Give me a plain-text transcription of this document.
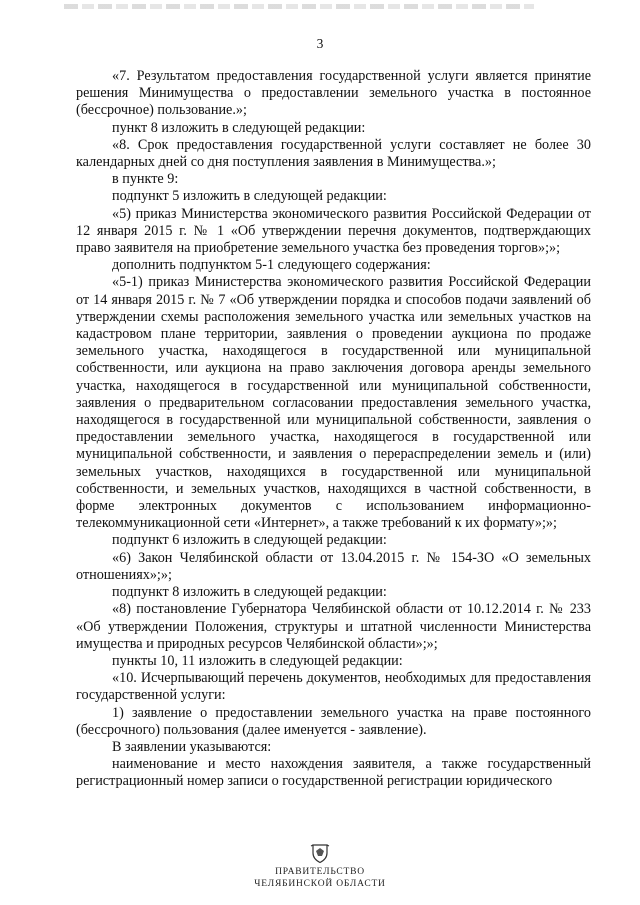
3

«7. Результатом предоставления государственной услуги является принятие решения Минимущества о предоставлении земельного участка в постоянное (бессрочное) пользование.»;

пункт 8 изложить в следующей редакции:

«8. Срок предоставления государственной услуги составляет не более 30 календарных дней со дня поступления заявления в Минимущества.»;

в пункте 9:

подпункт 5 изложить в следующей редакции:

«5) приказ Министерства экономического развития Российской Федерации от 12 января 2015 г. № 1 «Об утверждении перечня документов, подтверждающих право заявителя на приобретение земельного участка без проведения торгов»;»;

дополнить подпунктом 5-1 следующего содержания:

«5-1) приказ Министерства экономического развития Российской Федерации от 14 января 2015 г. № 7 «Об утверждении порядка и способов подачи заявлений об утверждении схемы расположения земельного участка или земельных участков на кадастровом плане территории, заявления о проведении аукциона по продаже земельного участка, находящегося в государственной или муниципальной собственности, или аукциона на право заключения договора аренды земельного участка, находящегося в государственной или муниципальной собственности, заявления о предварительном согласовании предоставления земельного участка, находящегося в государственной или муниципальной собственности, заявления о предоставлении земельного участка, находящегося в государственной или муниципальной собственности, и заявления о перераспределении земель и (или) земельных участков, находящихся в государственной или муниципальной собственности, и земельных участков, находящихся в частной собственности, в форме электронных документов с использованием информационно-телекоммуникационной сети «Интернет», а также требований к их формату»;»;

подпункт 6 изложить в следующей редакции:

«6) Закон Челябинской области от 13.04.2015 г. № 154-ЗО «О земельных отношениях»;»;

подпункт 8 изложить в следующей редакции:

«8) постановление Губернатора Челябинской области от 10.12.2014 г. № 233 «Об утверждении Положения, структуры и штатной численности Министерства имущества и природных ресурсов Челябинской области»;»;

пункты 10, 11 изложить в следующей редакции:

«10. Исчерпывающий перечень документов, необходимых для предоставления государственной услуги:

1) заявление о предоставлении земельного участка на праве постоянного (бессрочного) пользования (далее именуется - заявление).

В заявлении указываются:

наименование и место нахождения заявителя, а также государственный регистрационный номер записи о государственной регистрации юридического

ПРАВИТЕЛЬСТВО
ЧЕЛЯБИНСКОЙ ОБЛАСТИ
